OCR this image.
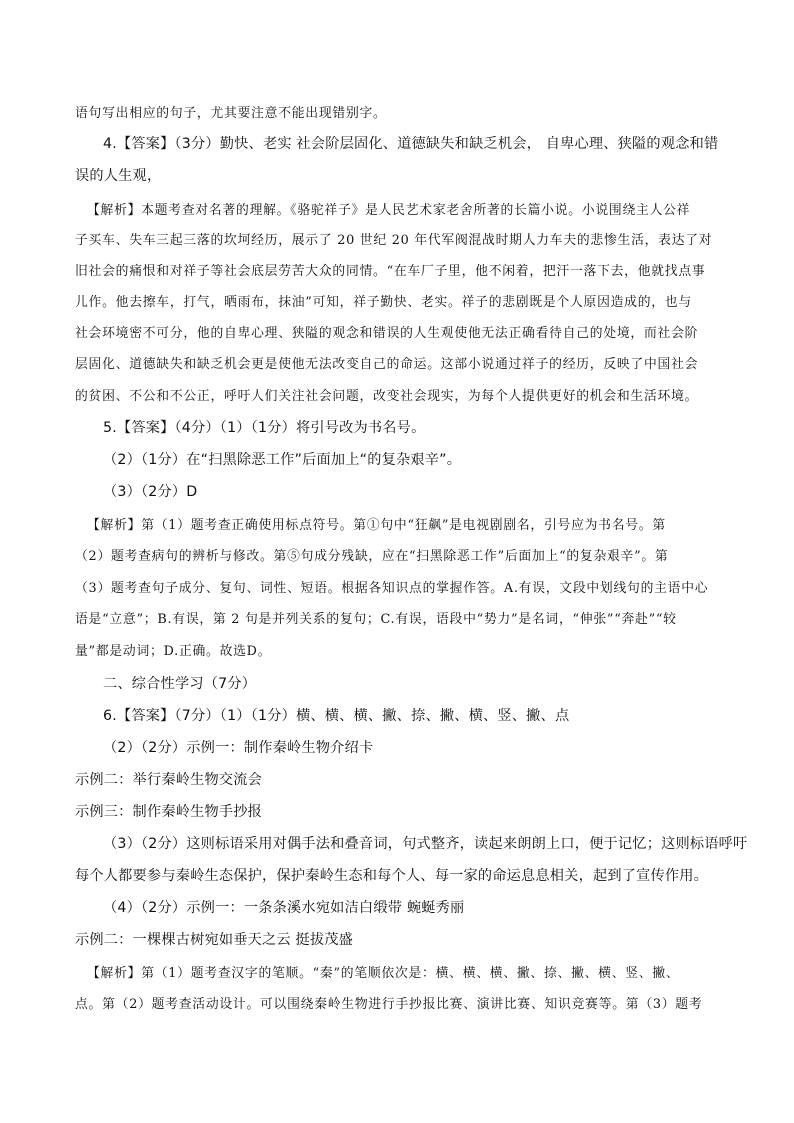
语句写出相应的句子，尤其要注意不能出现错别字。
4.【答案】（3分）勤快、老实 社会阶层固化、道德缺失和缺乏机会， 自卑心理、狭隘的观念和错
误的人生观，
【解析】本题考查对名著的理解。《骆驼祥子》是人民艺术家老舍所著的长篇小说。小说围绕主人公祥
子买车、失车三起三落的坎坷经历，展示了 20 世纪 20 年代军阀混战时期人力车夫的悲惨生活，表达了对
旧社会的痛恨和对祥子等社会底层劳苦大众的同情。“在车厂子里，他不闲着，把汗一落下去，他就找点事
儿作。他去擦车，打气，晒雨布，抹油”可知，祥子勤快、老实。祥子的悲剧既是个人原因造成的，也与
社会环境密不可分，他的自卑心理、狭隘的观念和错误的人生观使他无法正确看待自己的处境，而社会阶
层固化、道德缺失和缺乏机会更是使他无法改变自己的命运。这部小说通过祥子的经历，反映了中国社会
的贫困、不公和不公正，呼吁人们关注社会问题，改变社会现实，为每个人提供更好的机会和生活环境。
5.【答案】（4分）（1）（1分）将引号改为书名号。
（2）（1分）在“扫黑除恶工作”后面加上“的复杂艰辛”。
（3）（2分）D
【解析】第（1）题考查正确使用标点符号。第①句中“狂飙”是电视剧剧名，引号应为书名号。第
（2）题考查病句的辨析与修改。第⑤句成分残缺，应在“扫黑除恶工作”后面加上“的复杂艰辛”。第
（3）题考查句子成分、复句、词性、短语。根据各知识点的掌握作答。A.有误，文段中划线句的主语中心
语是“立意”；B.有误，第 2 句是并列关系的复句；C.有误，语段中“势力”是名词，“伸张”“奔赴”“较
量”都是动词；D.正确。故选D。
二、综合性学习（7分）
6.【答案】（7分）（1）（1分）横、横、横、撇、捺、撇、横、竖、撇、点
（2）（2分）示例一：制作秦岭生物介绍卡
示例二：举行秦岭生物交流会
示例三：制作秦岭生物手抄报
（3）（2分）这则标语采用对偶手法和叠音词，句式整齐，读起来朗朗上口，便于记忆；这则标语呼吁
每个人都要参与秦岭生态保护，保护秦岭生态和每个人、每一家的命运息息相关，起到了宣传作用。
（4）（2分）示例一：一条条溪水宛如洁白缎带 蜿蜒秀丽
示例二：一棵棵古树宛如垂天之云 挺拔茂盛
【解析】第（1）题考查汉字的笔顺。“秦”的笔顺依次是：横、横、横、撇、捺、撇、横、竖、撇、
点。第（2）题考查活动设计。可以围绕秦岭生物进行手抄报比赛、演讲比赛、知识竞赛等。第（3）题考
